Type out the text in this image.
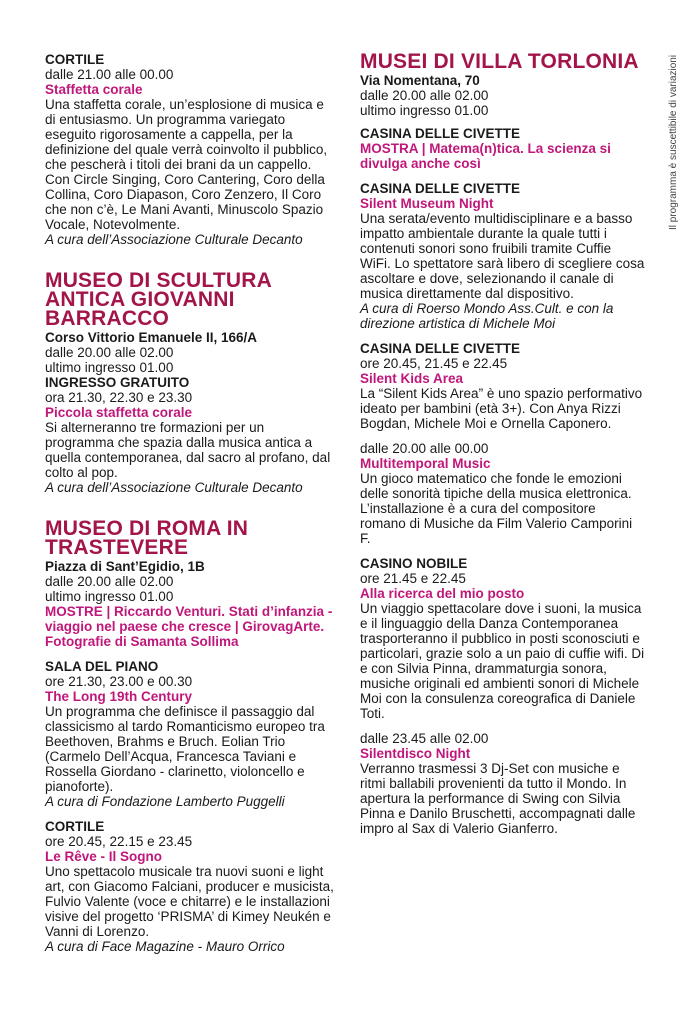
Il programma è suscettibile di variazioni
CORTILE
dalle 21.00 alle 00.00
Staffetta corale
Una staffetta corale, un’esplosione di musica e di entusiasmo. Un programma variegato eseguito rigorosamente a cappella, per la definizione del quale verrà coinvolto il pubblico, che pescherà i titoli dei brani da un cappello. Con Circle Singing, Coro Cantering, Coro della Collina, Coro Diapason, Coro Zenzero, Il Coro che non c’è, Le Mani Avanti, Minuscolo Spazio Vocale, Notevolmente.
A cura dell’Associazione Culturale Decanto
MUSEO DI SCULTURA ANTICA GIOVANNI BARRACCO
Corso Vittorio Emanuele II, 166/A
dalle 20.00 alle 02.00
ultimo ingresso 01.00
INGRESSO GRATUITO
ora 21.30, 22.30 e 23.30
Piccola staffetta corale
Si alterneranno tre formazioni per un programma che spazia dalla musica antica a quella contemporanea, dal sacro al profano, dal colto al pop.
A cura dell’Associazione Culturale Decanto
MUSEO DI ROMA IN TRASTEVERE
Piazza di Sant’Egidio, 1B
dalle 20.00 alle 02.00
ultimo ingresso 01.00
MOSTRE | Riccardo Venturi. Stati d’infanzia - viaggio nel paese che cresce | GirovagArte. Fotografie di Samanta Sollima
SALA DEL PIANO
ore 21.30, 23.00 e 00.30
The Long 19th Century
Un programma che definisce il passaggio dal classicismo al tardo Romanticismo europeo tra Beethoven, Brahms e Bruch. Eolian Trio (Carmelo Dell’Acqua, Francesca Taviani e Rossella Giordano - clarinetto, violoncello e pianoforte).
A cura di Fondazione Lamberto Puggelli
CORTILE
ore 20.45, 22.15 e 23.45
Le Rêve - Il Sogno
Uno spettacolo musicale tra nuovi suoni e light art, con Giacomo Falciani, producer e musicista, Fulvio Valente (voce e chitarre) e le installazioni visive del progetto ‘PRISMA’ di Kimey Neukén e Vanni di Lorenzo.
A cura di Face Magazine - Mauro Orrico
MUSEI DI VILLA TORLONIA
Via Nomentana, 70
dalle 20.00 alle 02.00
ultimo ingresso 01.00
CASINA DELLE CIVETTE
MOSTRA | Matema(n)tica. La scienza si divulga anche così
CASINA DELLE CIVETTE
Silent Museum Night
Una serata/evento multidisciplinare e a basso impatto ambientale durante la quale tutti i contenuti sonori sono fruibili tramite Cuffie WiFi. Lo spettatore sarà libero di scegliere cosa ascoltare e dove, selezionando il canale di musica direttamente dal dispositivo.
A cura di Roerso Mondo Ass.Cult. e con la direzione artistica di Michele Moi
CASINA DELLE CIVETTE
ore 20.45, 21.45 e 22.45
Silent Kids Area
La “Silent Kids Area” è uno spazio performativo ideato per bambini (età 3+). Con Anya Rizzi Bogdan, Michele Moi e Ornella Caponero.
dalle 20.00 alle 00.00
Multitemporal Music
Un gioco matematico che fonde le emozioni delle sonorità tipiche della musica elettronica. L’installazione è a cura del compositore romano di Musiche da Film Valerio Camporini F.
CASINO NOBILE
ore 21.45 e 22.45
Alla ricerca del mio posto
Un viaggio spettacolare dove i suoni, la musica e il linguaggio della Danza Contemporanea trasporteranno il pubblico in posti sconosciuti e particolari, grazie solo a un paio di cuffie wifi. Di e con Silvia Pinna, drammaturgia sonora, musiche originali ed ambienti sonori di Michele Moi con la consulenza coreografica di Daniele Toti.
dalle 23.45 alle 02.00
Silentdisco Night
Verranno trasmessi 3 Dj-Set con musiche e ritmi ballabili provenienti da tutto il Mondo. In apertura la performance di Swing con Silvia Pinna e Danilo Bruschetti, accompagnati dalle impro al Sax di Valerio Gianferro.
